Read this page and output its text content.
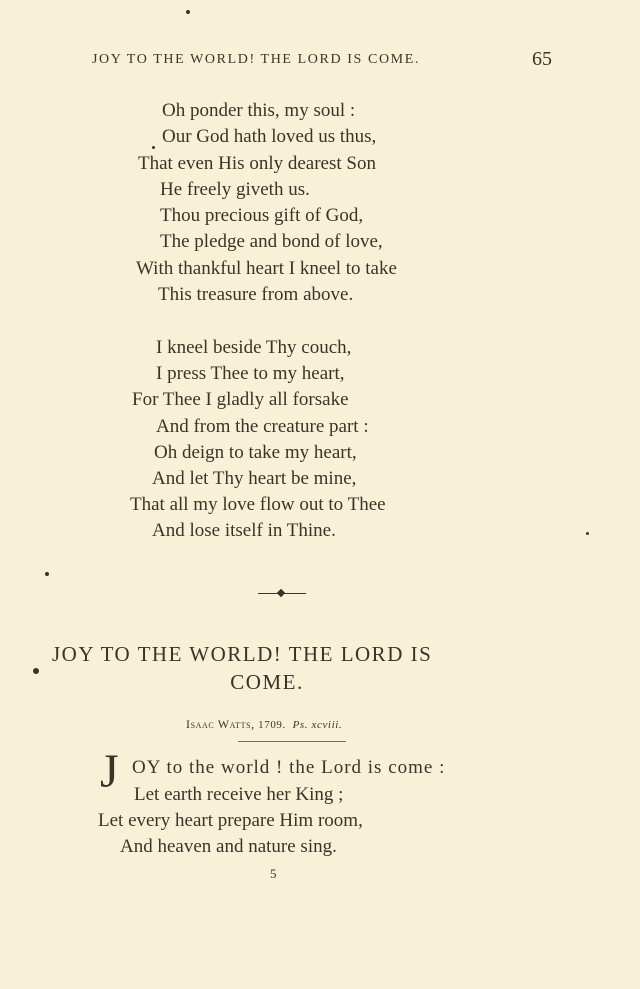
JOY TO THE WORLD! THE LORD IS COME.	65
Oh ponder this, my soul :
Our God hath loved us thus,
That even His only dearest Son
He freely giveth us.
Thou precious gift of God,
The pledge and bond of love,
With thankful heart I kneel to take
This treasure from above.
I kneel beside Thy couch,
I press Thee to my heart,
For Thee I gladly all forsake
And from the creature part :
Oh deign to take my heart,
And let Thy heart be mine,
That all my love flow out to Thee
And lose itself in Thine.
JOY TO THE WORLD! THE LORD IS
COME.
Isaac Watts, 1709. Ps. xcviii.
J OY to the world ! the Lord is come :
Let earth receive her King ;
Let every heart prepare Him room,
And heaven and nature sing.
5
